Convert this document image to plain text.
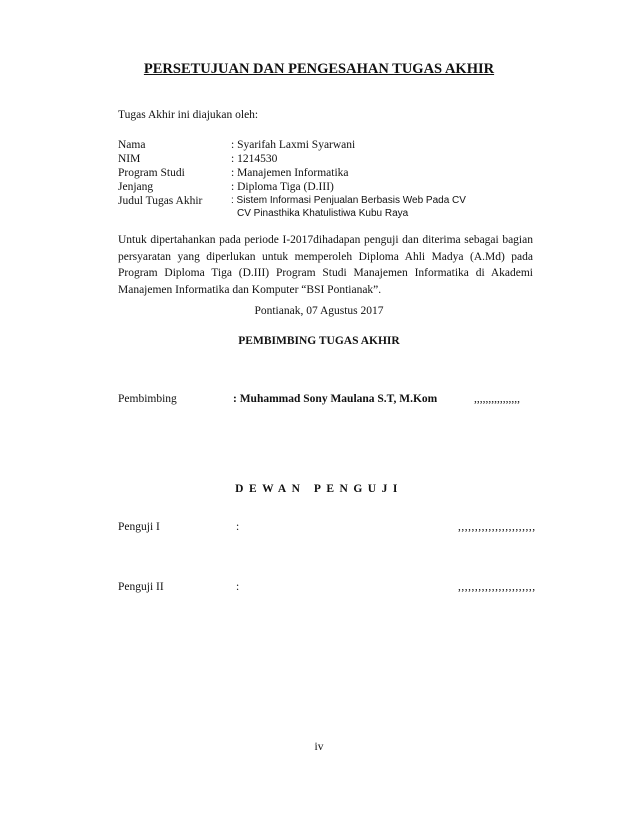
PERSETUJUAN DAN PENGESAHAN TUGAS AKHIR
Tugas Akhir ini diajukan oleh:
Nama	: Syarifah Laxmi Syarwani
NIM	: 1214530
Program Studi	: Manajemen Informatika
Jenjang	: Diploma Tiga (D.III)
Judul Tugas Akhir	: Sistem Informasi Penjualan Berbasis Web Pada CV
CV Pinasthika Khatulistiwa Kubu Raya
Untuk dipertahankan pada periode I-2017dihadapan penguji dan diterima sebagai bagian persyaratan yang diperlukan untuk memperoleh Diploma Ahli Madya (A.Md) pada Program Diploma Tiga (D.III) Program Studi Manajemen Informatika di Akademi Manajemen Informatika dan Komputer “BSI Pontianak”.
Pontianak, 07 Agustus 2017
PEMBIMBING TUGAS AKHIR
Pembimbing	: Muhammad Sony Maulana S.T, M.Kom	,,,,,,,,,,,,,,,,
DEWAN PENGUJI
Penguji I	:	,,,,,,,,,,,,,,,,,,,,,,,
Penguji II	:	,,,,,,,,,,,,,,,,,,,,,,,
iv
